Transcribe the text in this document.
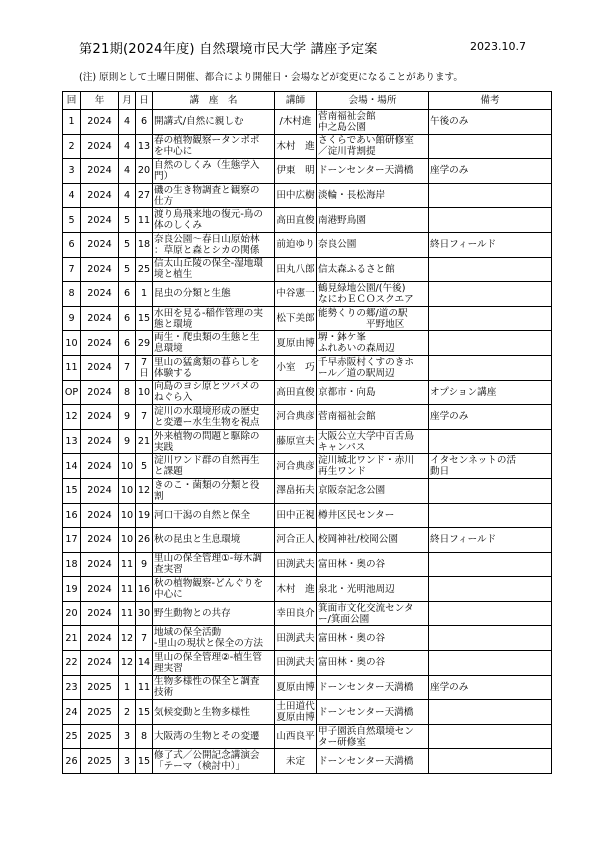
第21期(2024年度) 自然環境市民大学 講座予定案	2023.10.7
(注) 原則として土曜日開催、都合により開催日・会場などが変更になることがあります。
回	年	月	日	講　座　名	講師	会場・場所	備考
1	2024	4	6	開講式/自然に親しむ	/木村進	菅南福祉会館
中之島公園	午後のみ
2	2024	4	13	春の植物観察ータンポポ
を中心に	木村　進	さくらであい館研修室
／淀川背割提	
3	2024	4	20	自然のしくみ（生態学入
門）	伊東　明	ドーンセンター天満橋	座学のみ
4	2024	4	27	磯の生き物調査と観察の
仕方	田中広樹	淡輪・長松海岸	
5	2024	5	11	渡り鳥飛来地の復元-鳥の
体のしくみ	高田直俊	南港野鳥園	
6	2024	5	18	奈良公園〜春日山原始林
：草原と森とシカの関係	前迫ゆり	奈良公園	終日フィールド
7	2024	5	25	信太山丘陵の保全-湿地環
境と植生	田丸八郎	信太森ふるさと館	
8	2024	6	1	昆虫の分類と生態	中谷憲一	鶴見緑地公園/(午後)
なにわＥＣＯスクエア	
9	2024	6	15	水田を見る-稲作管理の実
態と環境	松下美郎	能勢くりの郷/道の駅
　　　　　平野地区	
10	2024	6	29	両生・爬虫類の生態と生
息環境	夏原由博	堺・鉢ケ峯
ふれあいの森周辺	
11	2024	7	7
日	里山の猛禽類の暮らしを
体験する	小室　巧	千早赤阪村くすのきホ
ール／道の駅周辺	
OP	2024	8	10	向島のヨシ原とツバメの
ねぐら入	高田直俊	京都市・向島	オプション講座
12	2024	9	7	淀川の水環境形成の歴史
と変遷ー水生生物を視点	河合典彦	菅南福祉会館	座学のみ
13	2024	9	21	外来植物の問題と駆除の
実践	藤原宣夫	大阪公立大学中百舌鳥
キャンパス	
14	2024	10	5	淀川ワンド群の自然再生
と課題	河合典彦	淀川城北ワンド・赤川
再生ワンド	イタセンネットの活
動日
15	2024	10	12	きのこ・菌類の分類と役
割	澤畠拓夫	京阪奈記念公園	
16	2024	10	19	河口干潟の自然と保全	田中正視	樽井区民センター	
17	2024	10	26	秋の昆虫と生息環境	河合正人	校岡神社/校岡公園	終日フィールド
18	2024	11	9	里山の保全管理①-毎木調
査実習	田渕武夫	富田林・奥の谷	
19	2024	11	16	秋の植物観察-どんぐりを
中心に	木村　進	泉北・光明池周辺	
20	2024	11	30	野生動物との共存	幸田良介	箕面市文化交流センタ
ー/箕面公園	
21	2024	12	7	地域の保全活動
-里山の現状と保全の方法	田渕武夫	富田林・奥の谷	
22	2024	12	14	里山の保全管理②-植生管
理実習	田渕武夫	富田林・奥の谷	
23	2025	1	11	生物多様性の保全と調査
技術	夏原由博	ドーンセンター天満橋	座学のみ
24	2025	2	15	気候変動と生物多様性	土田道代
夏原由博	ドーンセンター天満橋	
25	2025	3	8	大阪湾の生物とその変遷	山西良平	甲子園浜自然環境セン
ター研修室	
26	2025	3	15	修了式／公開記念講演会
「テーマ（検討中）」	未定	ドーンセンター天満橋	
